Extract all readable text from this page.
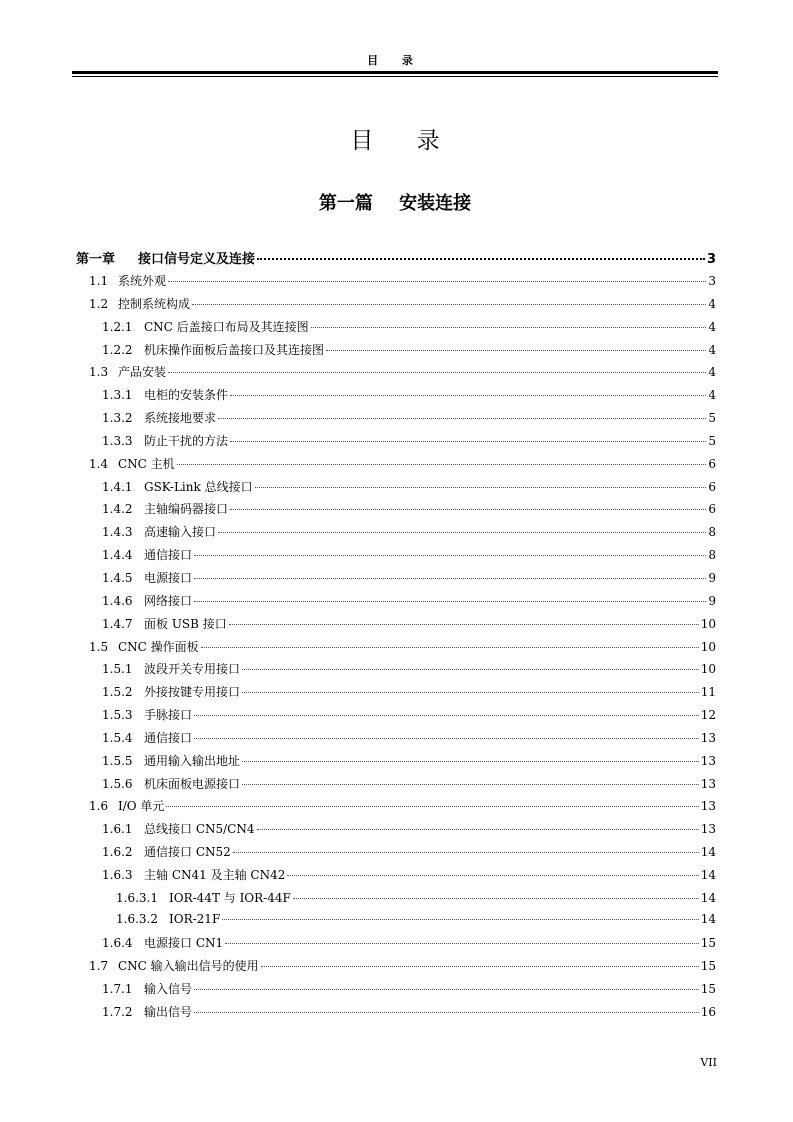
目 录
目 录
第一篇 安装连接
第一章	接口信号定义及连接	3
1.1 系统外观	3
1.2 控制系统构成	4
1.2.1 CNC 后盖接口布局及其连接图	4
1.2.2 机床操作面板后盖接口及其连接图	4
1.3 产品安装	4
1.3.1 电柜的安装条件	4
1.3.2 系统接地要求	5
1.3.3 防止干扰的方法	5
1.4 CNC 主机	6
1.4.1 GSK-Link 总线接口	6
1.4.2 主轴编码器接口	6
1.4.3 高速输入接口	8
1.4.4 通信接口	8
1.4.5 电源接口	9
1.4.6 网络接口	9
1.4.7 面板 USB 接口	10
1.5 CNC 操作面板	10
1.5.1 波段开关专用接口	10
1.5.2 外接按键专用接口	11
1.5.3 手脉接口	12
1.5.4 通信接口	13
1.5.5 通用输入输出地址	13
1.5.6 机床面板电源接口	13
1.6 I/O 单元	13
1.6.1 总线接口 CN5/CN4	13
1.6.2 通信接口 CN52	14
1.6.3 主轴 CN41 及主轴 CN42	14
1.6.3.1 IOR-44T 与 IOR-44F	14
1.6.3.2 IOR-21F	14
1.6.4 电源接口 CN1	15
1.7 CNC 输入输出信号的使用	15
1.7.1 输入信号	15
1.7.2 输出信号	16
VII
